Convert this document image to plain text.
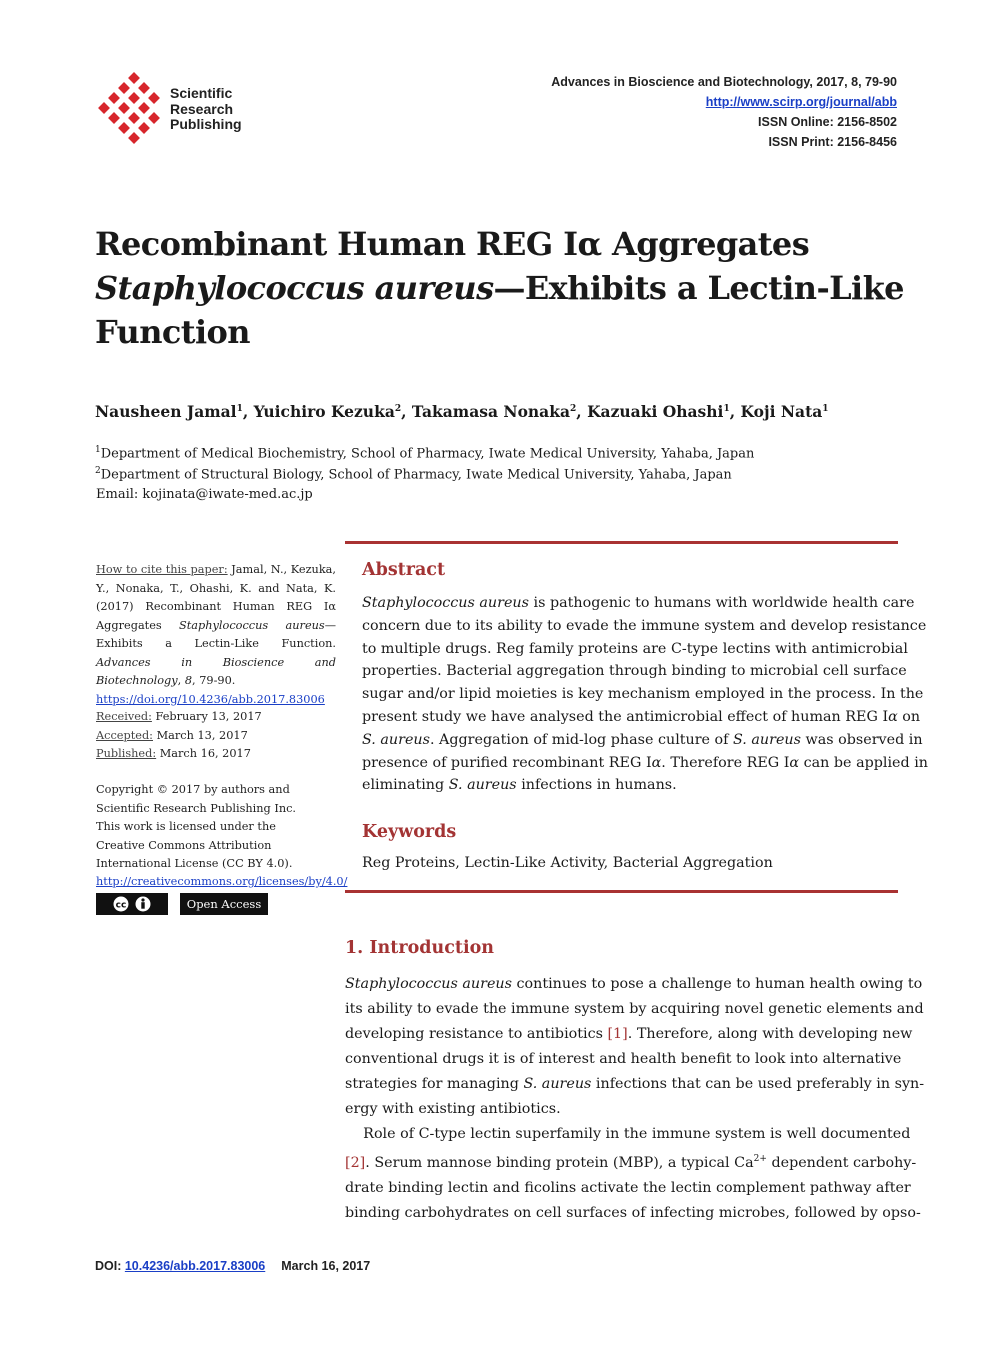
Scientific
Research
Publishing
Advances in Bioscience and Biotechnology, 2017, 8, 79-90
http://www.scirp.org/journal/abb
ISSN Online: 2156-8502
ISSN Print: 2156-8456
Recombinant Human REG Iα Aggregates
Staphylococcus aureus—Exhibits a Lectin-Like
Function
Nausheen Jamal$^1$, Yuichiro Kezuka$^2$, Takamasa Nonaka$^2$, Kazuaki Ohashi$^1$, Koji Nata$^1$
$^1$Department of Medical Biochemistry, School of Pharmacy, Iwate Medical University, Yahaba, Japan
$^2$Department of Structural Biology, School of Pharmacy, Iwate Medical University, Yahaba, Japan
Email: kojinata@iwate-med.ac.jp
How to cite this paper: Jamal, N., Kezuka, Y., Nonaka, T., Ohashi, K. and Nata, K. (2017) Recombinant Human REG Iα Aggregates Staphylococcus aureus—Exhibits a Lectin-Like Function. Advances in Bioscience and Biotechnology, 8, 79-90.
https://doi.org/10.4236/abb.2017.83006
Received: February 13, 2017
Accepted: March 13, 2017
Published: March 16, 2017
Copyright © 2017 by authors and Scientific Research Publishing Inc. This work is licensed under the Creative Commons Attribution International License (CC BY 4.0).
http://creativecommons.org/licenses/by/4.0/
cc	Open Access
Abstract
Staphylococcus aureus is pathogenic to humans with worldwide health care
concern due to its ability to evade the immune system and develop resistance
to multiple drugs. Reg family proteins are C-type lectins with antimicrobial
properties. Bacterial aggregation through binding to microbial cell surface
sugar and/or lipid moieties is key mechanism employed in the process. In the
present study we have analysed the antimicrobial effect of human REG Iα on
S. aureus. Aggregation of mid-log phase culture of S. aureus was observed in
presence of purified recombinant REG Iα. Therefore REG Iα can be applied in
eliminating S. aureus infections in humans.
Keywords
Reg Proteins, Lectin-Like Activity, Bacterial Aggregation
1. Introduction
Staphylococcus aureus continues to pose a challenge to human health owing to
its ability to evade the immune system by acquiring novel genetic elements and
developing resistance to antibiotics [1]. Therefore, along with developing new
conventional drugs it is of interest and health benefit to look into alternative
strategies for managing S. aureus infections that can be used preferably in syn-
ergy with existing antibiotics.
Role of C-type lectin superfamily in the immune system is well documented
[2]. Serum mannose binding protein (MBP), a typical $Ca^{2+}$ dependent carbohy-
drate binding lectin and ficolins activate the lectin complement pathway after
binding carbohydrates on cell surfaces of infecting microbes, followed by opso-
DOI: 10.4236/abb.2017.83006 March 16, 2017
